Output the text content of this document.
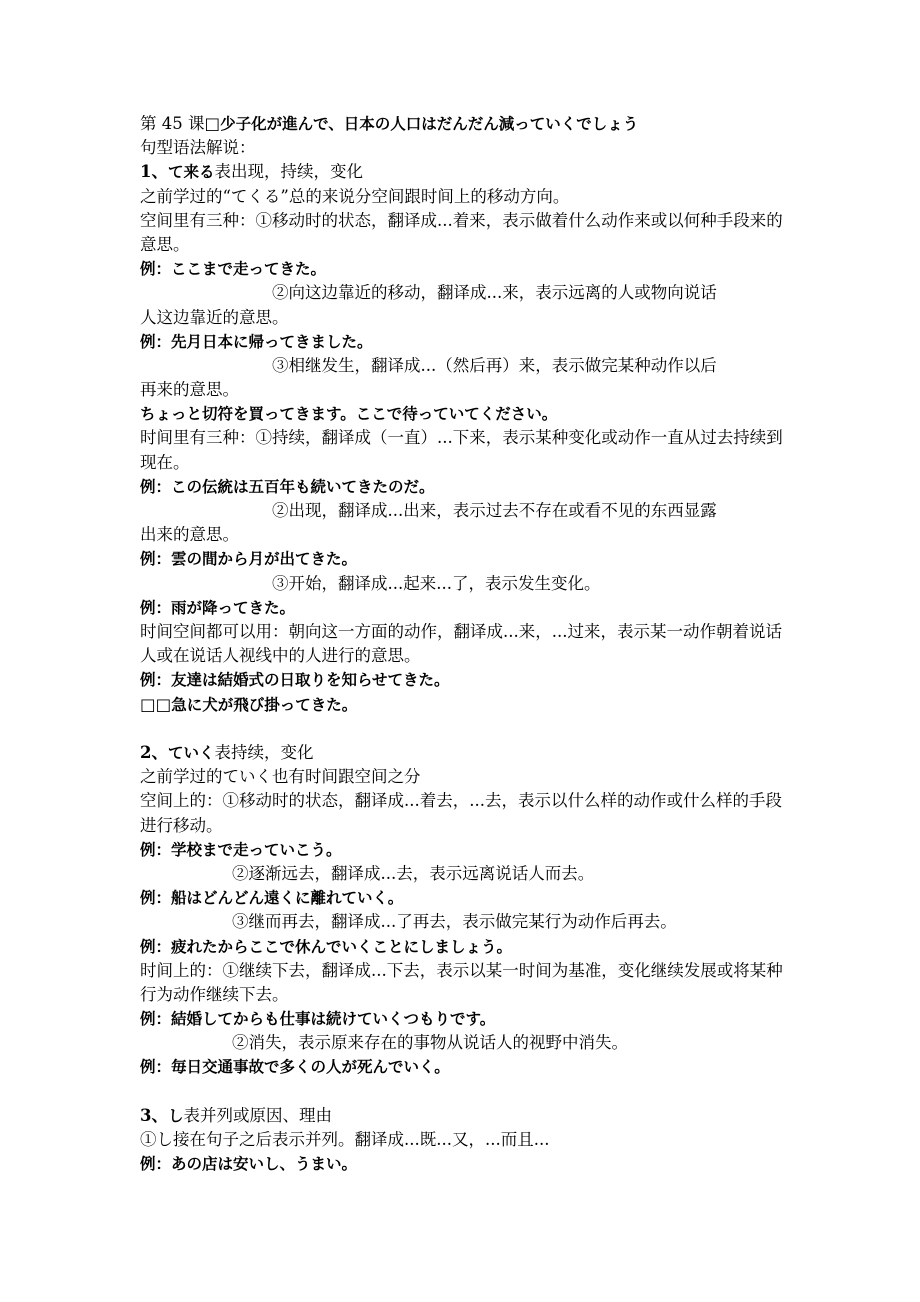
第 45 课□少子化が進んで、日本の人口はだんだん減っていくでしょう
句型语法解说：
1、て来る表出现，持续，变化
之前学过的“てくる”总的来说分空间跟时间上的移动方向。
空间里有三种：①移动时的状态，翻译成...着来，表示做着什么动作来或以何种手段来的意思。
例：ここまで走ってきた。
②向这边靠近的移动，翻译成...来，表示远离的人或物向说话
人这边靠近的意思。
例：先月日本に帰ってきました。
③相继发生，翻译成...（然后再）来，表示做完某种动作以后
再来的意思。
ちょっと切符を買ってきます。ここで待っていてください。
时间里有三种：①持续，翻译成（一直）...下来，表示某种变化或动作一直从过去持续到现在。
例：この伝統は五百年も続いてきたのだ。
②出现，翻译成...出来，表示过去不存在或看不见的东西显露
出来的意思。
例：雲の間から月が出てきた。
③开始，翻译成...起来...了，表示发生变化。
例：雨が降ってきた。
时间空间都可以用：朝向这一方面的动作，翻译成...来，...过来，表示某一动作朝着说话人或在说话人视线中的人进行的意思。
例：友達は結婚式の日取りを知らせてきた。
□□急に犬が飛び掛ってきた。
2、ていく表持续，变化
之前学过的ていく也有时间跟空间之分
空间上的：①移动时的状态，翻译成...着去，...去，表示以什么样的动作或什么样的手段进行移动。
例：学校まで走っていこう。
②逐渐远去，翻译成...去，表示远离说话人而去。
例：船はどんどん遠くに離れていく。
③继而再去，翻译成...了再去，表示做完某行为动作后再去。
例：疲れたからここで休んでいくことにしましょう。
时间上的：①继续下去，翻译成...下去，表示以某一时间为基准，变化继续发展或将某种行为动作继续下去。
例：結婚してからも仕事は続けていくつもりです。
②消失，表示原来存在的事物从说话人的视野中消失。
例：毎日交通事故で多くの人が死んでいく。
3、し表并列或原因、理由
①し接在句子之后表示并列。翻译成...既...又，...而且...
例：あの店は安いし、うまい。
